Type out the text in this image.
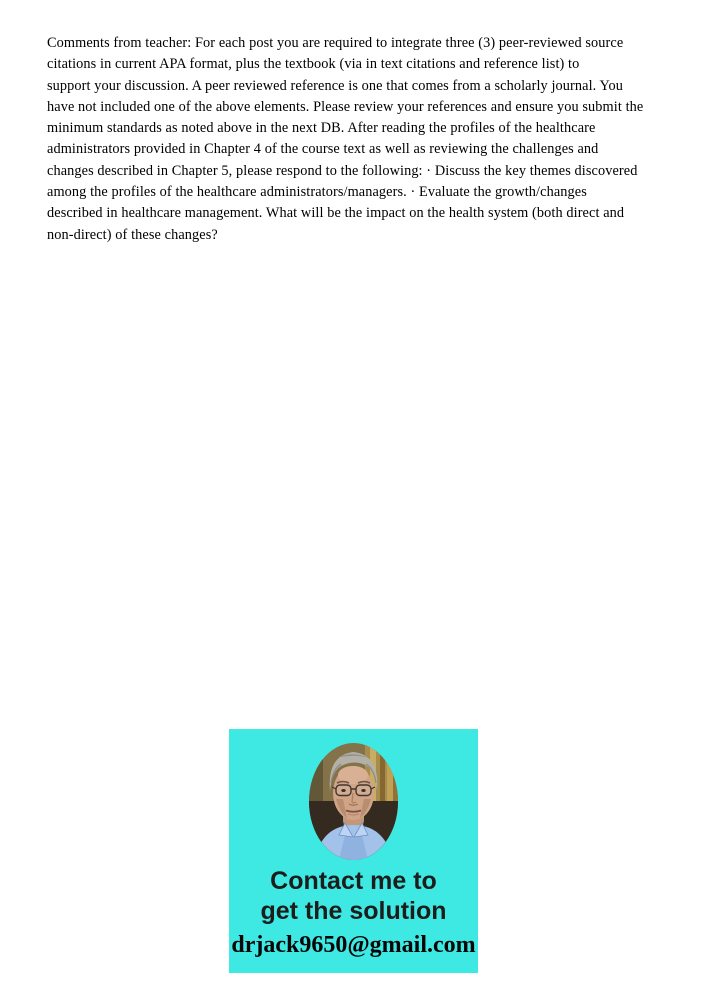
Comments from teacher: For each post you are required to integrate three (3) peer-reviewed source
citations in current APA format, plus the textbook (via in text citations and reference list) to
support your discussion. A peer reviewed reference is one that comes from a scholarly journal. You
have not included one of the above elements. Please review your references and ensure you submit the
minimum standards as noted above in the next DB. After reading the profiles of the healthcare
administrators provided in Chapter 4 of the course text as well as reviewing the challenges and
changes described in Chapter 5, please respond to the following: · Discuss the key themes discovered
among the profiles of the healthcare administrators/managers. · Evaluate the growth/changes
described in healthcare management. What will be the impact on the health system (both direct and
non-direct) of these changes?
Contact me to
get the solution
drjack9650@gmail.com
